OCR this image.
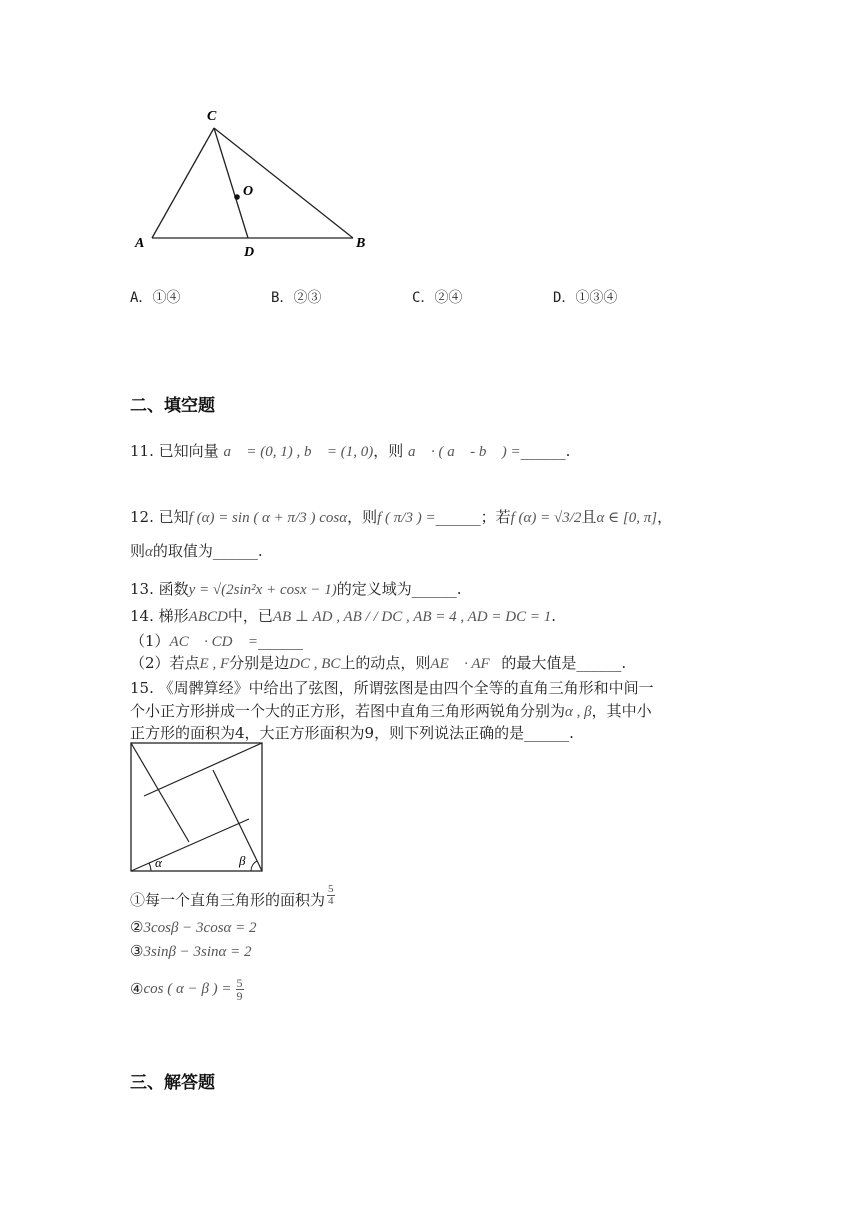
C
O
A
D
B
A．①④	B．②③	C．②④	D．①③④
二、填空题
11. 已知向量 a⃗ = (0, 1) , b⃗ = (1, 0)，则 a⃗ · ( a⃗ - b⃗ ) =______.
12. 已知f (α) = sin ( α + π/3 ) cosα，则f ( π/3 ) =______；若f (α) = √3/2且α ∈ [0, π]，
则α的取值为______.
13. 函数y = √(2sin²x + cosx − 1)的定义域为______.
14. 梯形ABCD中，已AB ⊥ AD , AB / / DC , AB = 4 , AD = DC = 1.
（1）AC⃗ · CD⃗ =______
（2）若点E , F分别是边DC , BC上的动点，则AE⃗ · AF⃗的最大值是______.
15. 《周髀算经》中给出了弦图，所谓弦图是由四个全等的直角三角形和中间一
个小正方形拼成一个大的正方形，若图中直角三角形两锐角分别为α , β，其中小
正方形的面积为4，大正方形面积为9，则下列说法正确的是______.
α	β
①每一个直角三角形的面积为
5
4
②3cosβ − 3cosα = 2
③3sinβ − 3sinα = 2
④ cos ( α − β ) = $\frac{5}{9}$
三、解答题
